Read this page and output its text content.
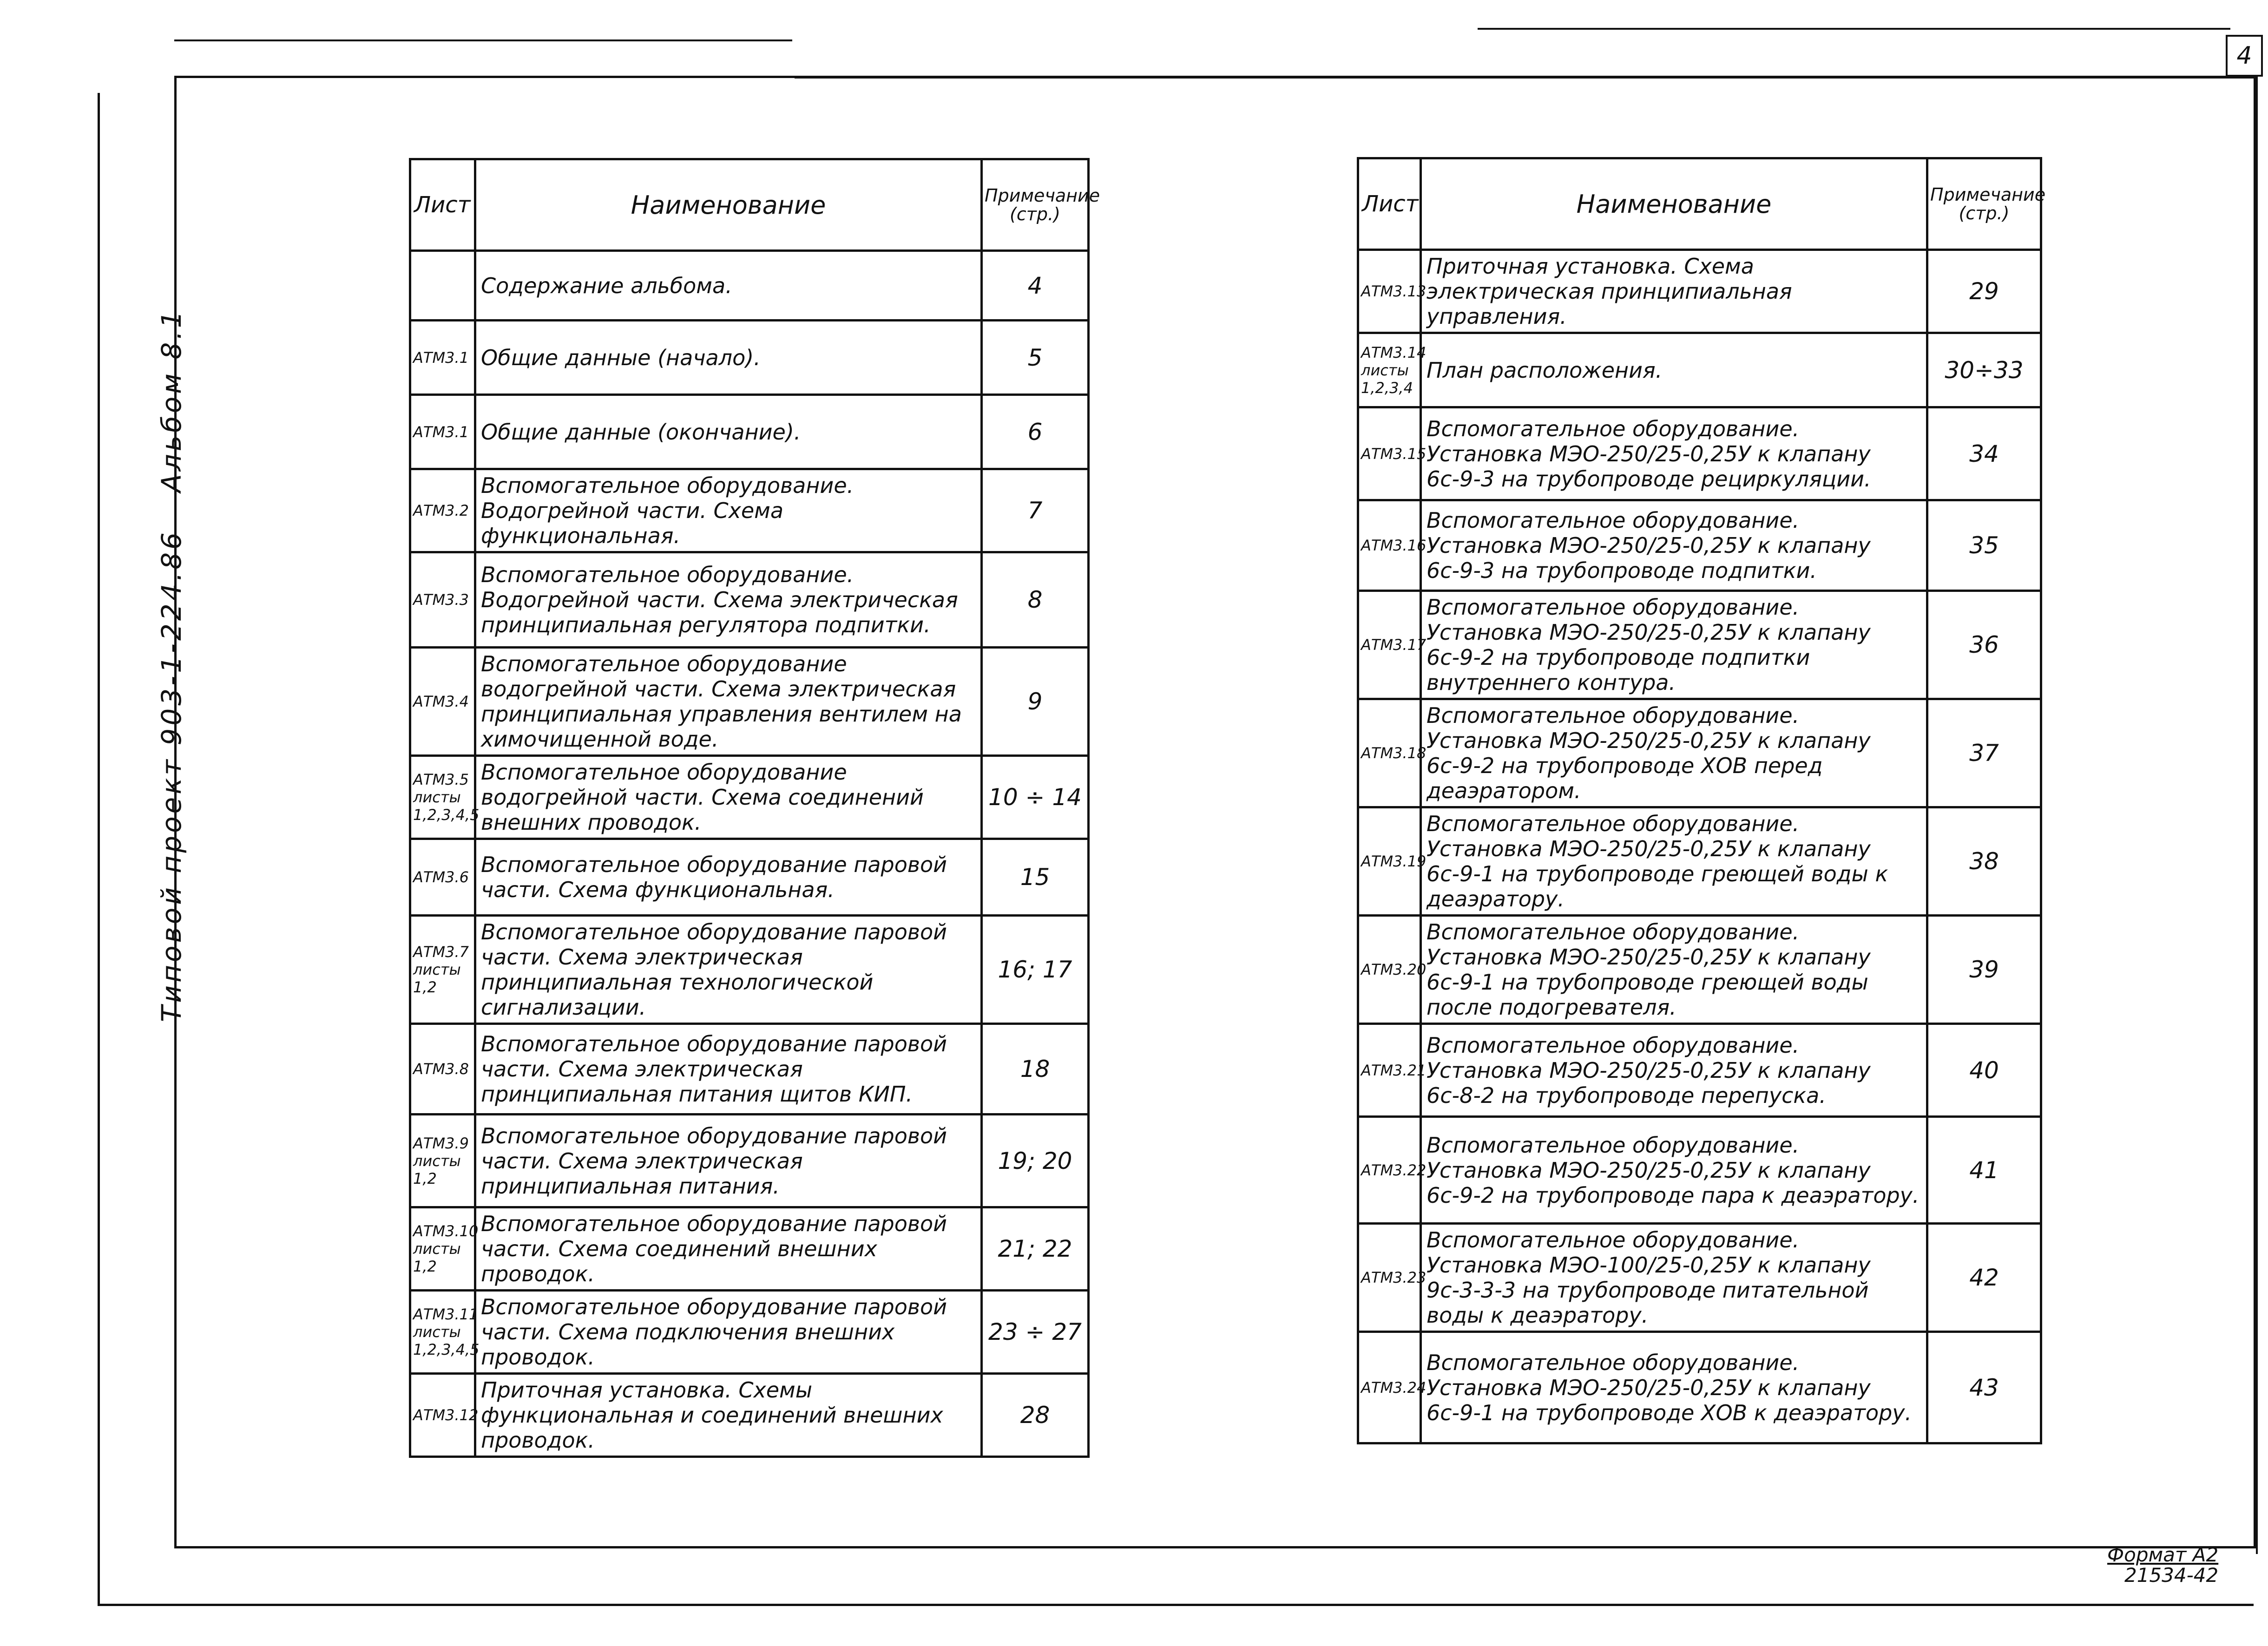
4
Типовой проект 903-1-224.86
Альбом 8.1
Лист	Наименование	Примечание (стр.)
	Содержание альбома.	4
АТМ3.1	Общие данные (начало).	5
АТМ3.1	Общие данные (окончание).	6
АТМ3.2	Вспомогательное оборудование. Водогрейной части. Схема функциональная.	7
АТМ3.3	Вспомогательное оборудование. Водогрейной части. Схема электрическая принципиальная регулятора подпитки.	8
АТМ3.4	Вспомогательное оборудование водогрейной части. Схема электрическая принципиальная управления вентилем на химочищенной воде.	9
АТМ3.5 листы 1,2,3,4,5	Вспомогательное оборудование водогрейной части. Схема соединений внешних проводок.	10 ÷ 14
АТМ3.6	Вспомогательное оборудование паровой части. Схема функциональная.	15
АТМ3.7 листы 1,2	Вспомогательное оборудование паровой части. Схема электрическая принципиальная технологической сигнализации.	16; 17
АТМ3.8	Вспомогательное оборудование паровой части. Схема электрическая принципиальная питания щитов КИП.	18
АТМ3.9 листы 1,2	Вспомогательное оборудование паровой части. Схема электрическая принципиальная питания.	19; 20
АТМ3.10 листы 1,2	Вспомогательное оборудование паровой части. Схема соединений внешних проводок.	21; 22
АТМ3.11 листы 1,2,3,4,5	Вспомогательное оборудование паровой части. Схема подключения внешних проводок.	23 ÷ 27
АТМ3.12	Приточная установка. Схемы функциональная и соединений внешних проводок.	28
Лист	Наименование	Примечание (стр.)
АТМ3.13	Приточная установка. Схема электрическая принципиальная управления.	29
АТМ3.14 листы 1,2,3,4	План расположения.	30÷33
АТМ3.15	Вспомогательное оборудование. Установка МЭО-250/25-0,25У к клапану 6с-9-3 на трубопроводе рециркуляции.	34
АТМ3.16	Вспомогательное оборудование. Установка МЭО-250/25-0,25У к клапану 6с-9-3 на трубопроводе подпитки.	35
АТМ3.17	Вспомогательное оборудование. Установка МЭО-250/25-0,25У к клапану 6с-9-2 на трубопроводе подпитки внутреннего контура.	36
АТМ3.18	Вспомогательное оборудование. Установка МЭО-250/25-0,25У к клапану 6с-9-2 на трубопроводе ХОВ перед деаэратором.	37
АТМ3.19	Вспомогательное оборудование. Установка МЭО-250/25-0,25У к клапану 6с-9-1 на трубопроводе греющей воды к деаэратору.	38
АТМ3.20	Вспомогательное оборудование. Установка МЭО-250/25-0,25У к клапану 6с-9-1 на трубопроводе греющей воды после подогревателя.	39
АТМ3.21	Вспомогательное оборудование. Установка МЭО-250/25-0,25У к клапану 6с-8-2 на трубопроводе перепуска.	40
АТМ3.22	Вспомогательное оборудование. Установка МЭО-250/25-0,25У к клапану 6с-9-2 на трубопроводе пара к деаэратору.	41
АТМ3.23	Вспомогательное оборудование. Установка МЭО-100/25-0,25У к клапану 9с-3-3-3 на трубопроводе питательной воды к деаэратору.	42
АТМ3.24	Вспомогательное оборудование. Установка МЭО-250/25-0,25У к клапану 6с-9-1 на трубопроводе ХОВ к деаэратору.	43
Формат А2
21534-42
